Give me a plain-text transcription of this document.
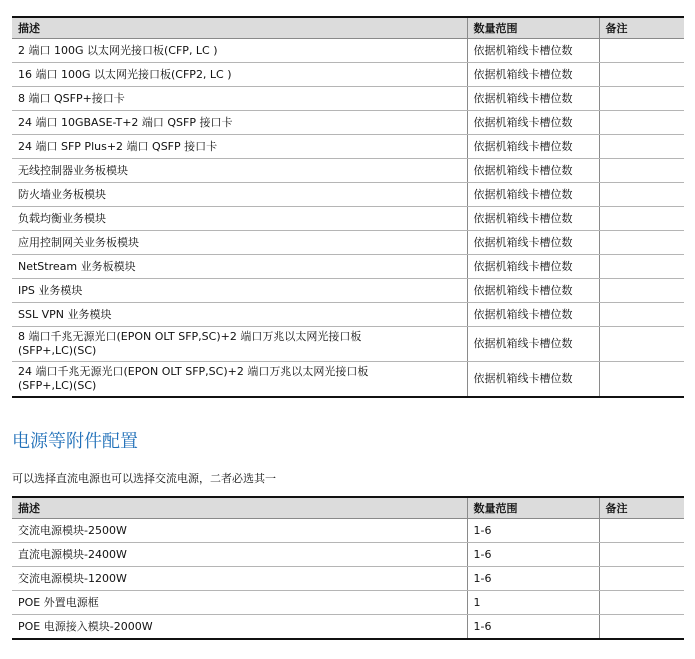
描述	数量范围	备注
2 端口 100G 以太网光接口板(CFP, LC )	依据机箱线卡槽位数	
16 端口 100G 以太网光接口板(CFP2, LC )	依据机箱线卡槽位数	
8 端口 QSFP+接口卡	依据机箱线卡槽位数	
24 端口 10GBASE-T+2 端口 QSFP 接口卡	依据机箱线卡槽位数	
24 端口 SFP Plus+2 端口 QSFP 接口卡	依据机箱线卡槽位数	
无线控制器业务板模块	依据机箱线卡槽位数	
防火墙业务板模块	依据机箱线卡槽位数	
负载均衡业务模块	依据机箱线卡槽位数	
应用控制网关业务板模块	依据机箱线卡槽位数	
NetStream 业务板模块	依据机箱线卡槽位数	
IPS 业务模块	依据机箱线卡槽位数	
SSL VPN 业务模块	依据机箱线卡槽位数	

8 端口千兆无源光口(EPON OLT SFP,SC)+2 端口万兆以太网光接口板
(SFP+,LC)(SC)	依据机箱线卡槽位数	

24 端口千兆无源光口(EPON OLT SFP,SC)+2 端口万兆以太网光接口板
(SFP+,LC)(SC)	依据机箱线卡槽位数	
电源等附件配置

可以选择直流电源也可以选择交流电源，二者必选其一

描述	数量范围	备注
交流电源模块-2500W	1-6	
直流电源模块-2400W	1-6	
交流电源模块-1200W	1-6	
POE 外置电源框	1	
POE 电源接入模块-2000W	1-6	
